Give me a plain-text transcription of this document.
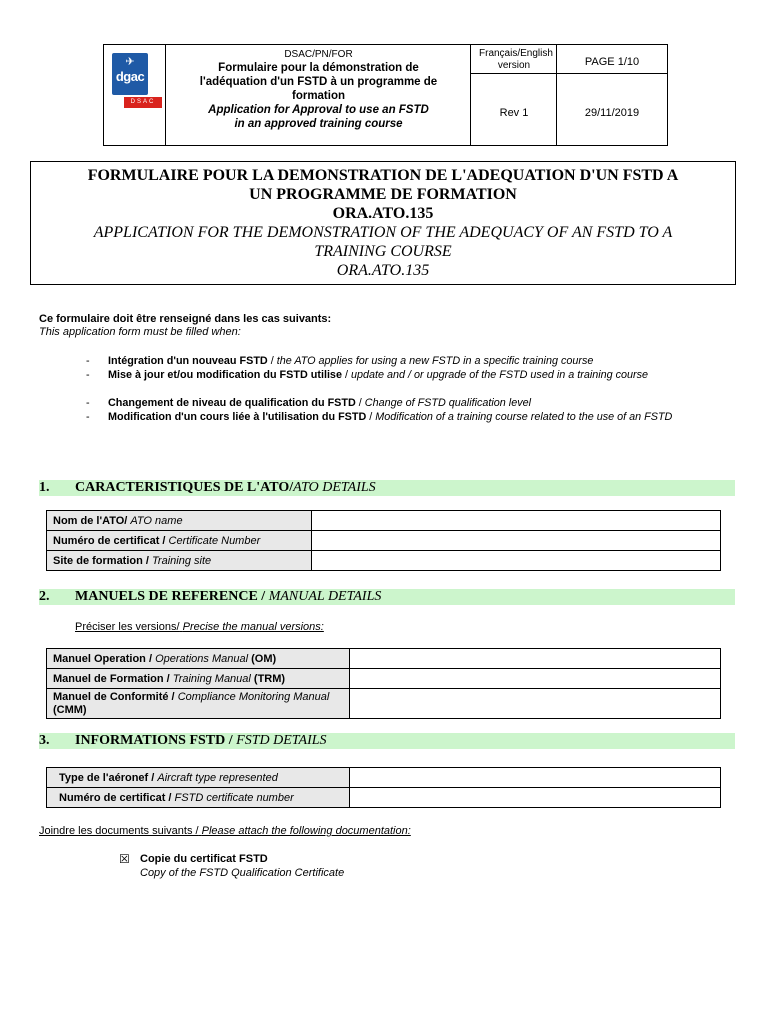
✈
dgac
DSAC
DSAC/PN/FOR
Formulaire pour la démonstration de l'adéquation d'un FSTD à un programme de formation
Application for Approval to use an FSTD in an approved training course
Français/English version	PAGE 1/10
Rev 1	29/11/2019
FORMULAIRE POUR LA DEMONSTRATION DE L'ADEQUATION D'UN FSTD A
UN PROGRAMME DE FORMATION
ORA.ATO.135
APPLICATION FOR THE DEMONSTRATION OF THE ADEQUACY OF AN FSTD TO A
TRAINING COURSE
ORA.ATO.135
Ce formulaire doit être renseigné dans les cas suivants:
This application form must be filled when:
- Intégration d'un nouveau FSTD / the ATO applies for using a new FSTD in a specific training course
- Mise à jour et/ou modification du FSTD utilise / update and / or upgrade of the FSTD used in a training course
- Changement de niveau de qualification du FSTD / Change of FSTD qualification level
- Modification d'un cours liée à l'utilisation du FSTD / Modification of a training course related to the use of an FSTD
1. CARACTERISTIQUES DE L'ATO/ATO DETAILS
Nom de l'ATO/ ATO name	
Numéro de certificat / Certificate Number	
Site de formation / Training site	
2. MANUELS DE REFERENCE / MANUAL DETAILS
Préciser les versions/ Precise the manual versions:
Manuel Operation / Operations Manual (OM)	
Manuel de Formation / Training Manual (TRM)	
Manuel de Conformité / Compliance Monitoring Manual (CMM)	
3. INFORMATIONS FSTD / FSTD DETAILS
Type de l'aéronef / Aircraft type represented	
Numéro de certificat / FSTD certificate number	
Joindre les documents suivants / Please attach the following documentation:
☒ Copie du certificat FSTD
Copy of the FSTD Qualification Certificate
